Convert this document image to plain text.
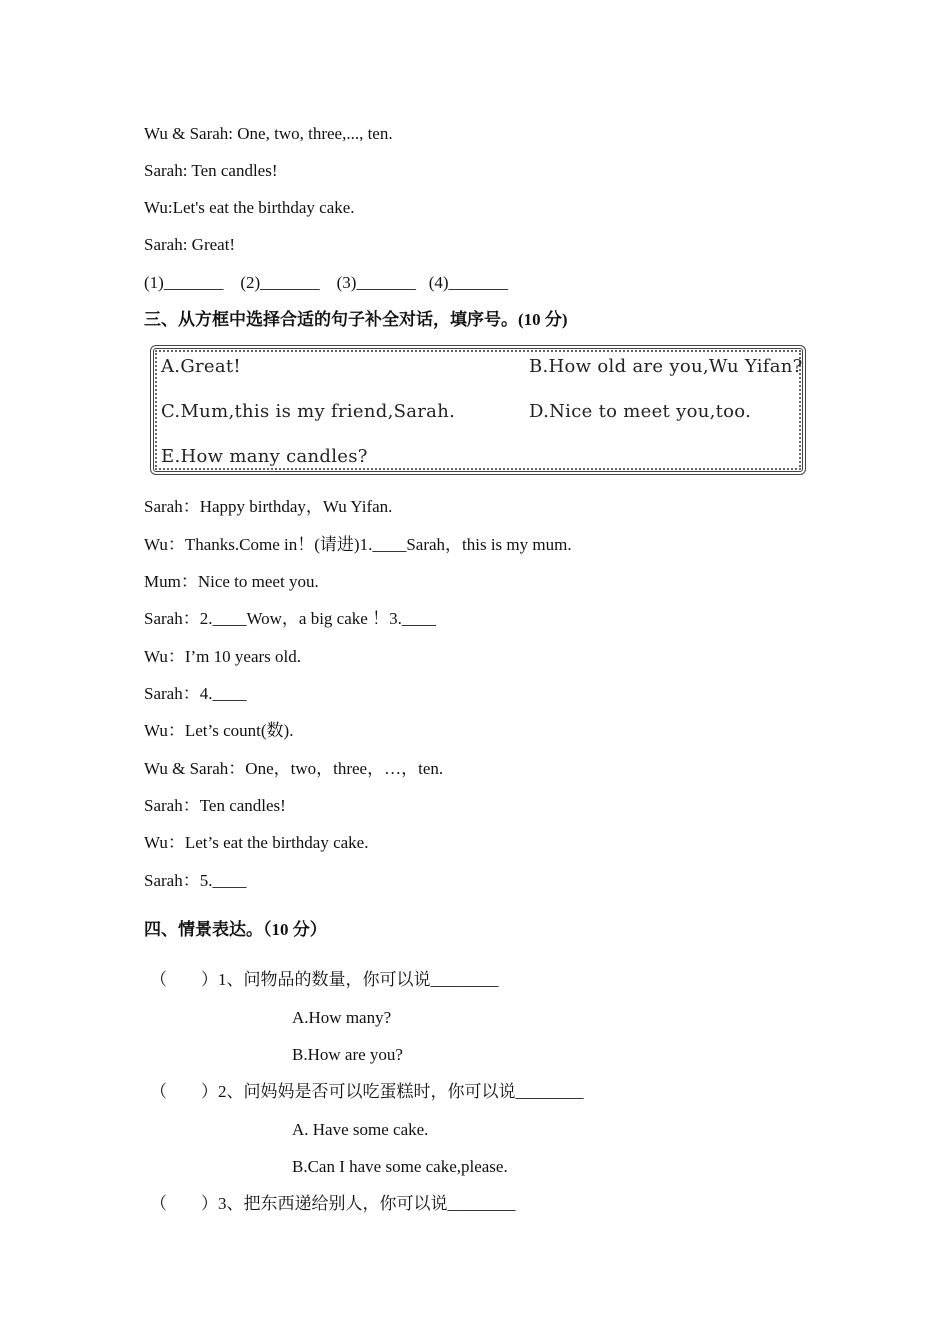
Wu & Sarah: One, two, three,..., ten.
Sarah: Ten candles!
Wu:Let's eat the birthday cake.
Sarah: Great!
(1)_______    (2)_______    (3)_______   (4)_______
三、从方框中选择合适的句子补全对话，填序号。(10 分)
A.Great!	B.How old are you,Wu Yifan?
C.Mum,this is my friend,Sarah.	D.Nice to meet you,too.
E.How many candles?
Sarah：Happy birthday，Wu Yifan.
Wu：Thanks.Come in！(请进)1.____Sarah，this is my mum.
Mum：Nice to meet you.
Sarah：2.____Wow，a big cake ！3.____
Wu：I’m 10 years old.
Sarah：4.____
Wu：Let’s count(数).
Wu & Sarah：One，two，three，…，ten.
Sarah：Ten candles!
Wu：Let’s eat the birthday cake.
Sarah：5.____
四、情景表达。（10 分）
（        ）1、问物品的数量，你可以说________
A.How many?
B.How are you?
（        ）2、问妈妈是否可以吃蛋糕时，你可以说________
A. Have some cake.
B.Can I have some cake,please.
（        ）3、把东西递给别人，你可以说________
